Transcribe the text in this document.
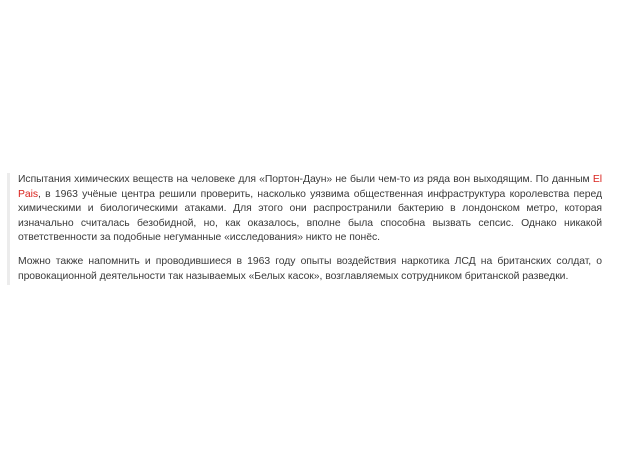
Испытания химических веществ на человеке для «Портон-Даун» не были чем-то из ряда вон выходящим. По данным El Pais, в 1963 учёные центра решили проверить, насколько уязвима общественная инфраструктура королевства перед химическими и биологическими атаками. Для этого они распространили бактерию в лондонском метро, которая изначально считалась безобидной, но, как оказалось, вполне была способна вызвать сепсис. Однако никакой ответственности за подобные негуманные «исследования» никто не понёс.

Можно также напомнить и проводившиеся в 1963 году опыты воздействия наркотика ЛСД на британских солдат, о провокационной деятельности так называемых «Белых касок», возглавляемых сотрудником британской разведки.
